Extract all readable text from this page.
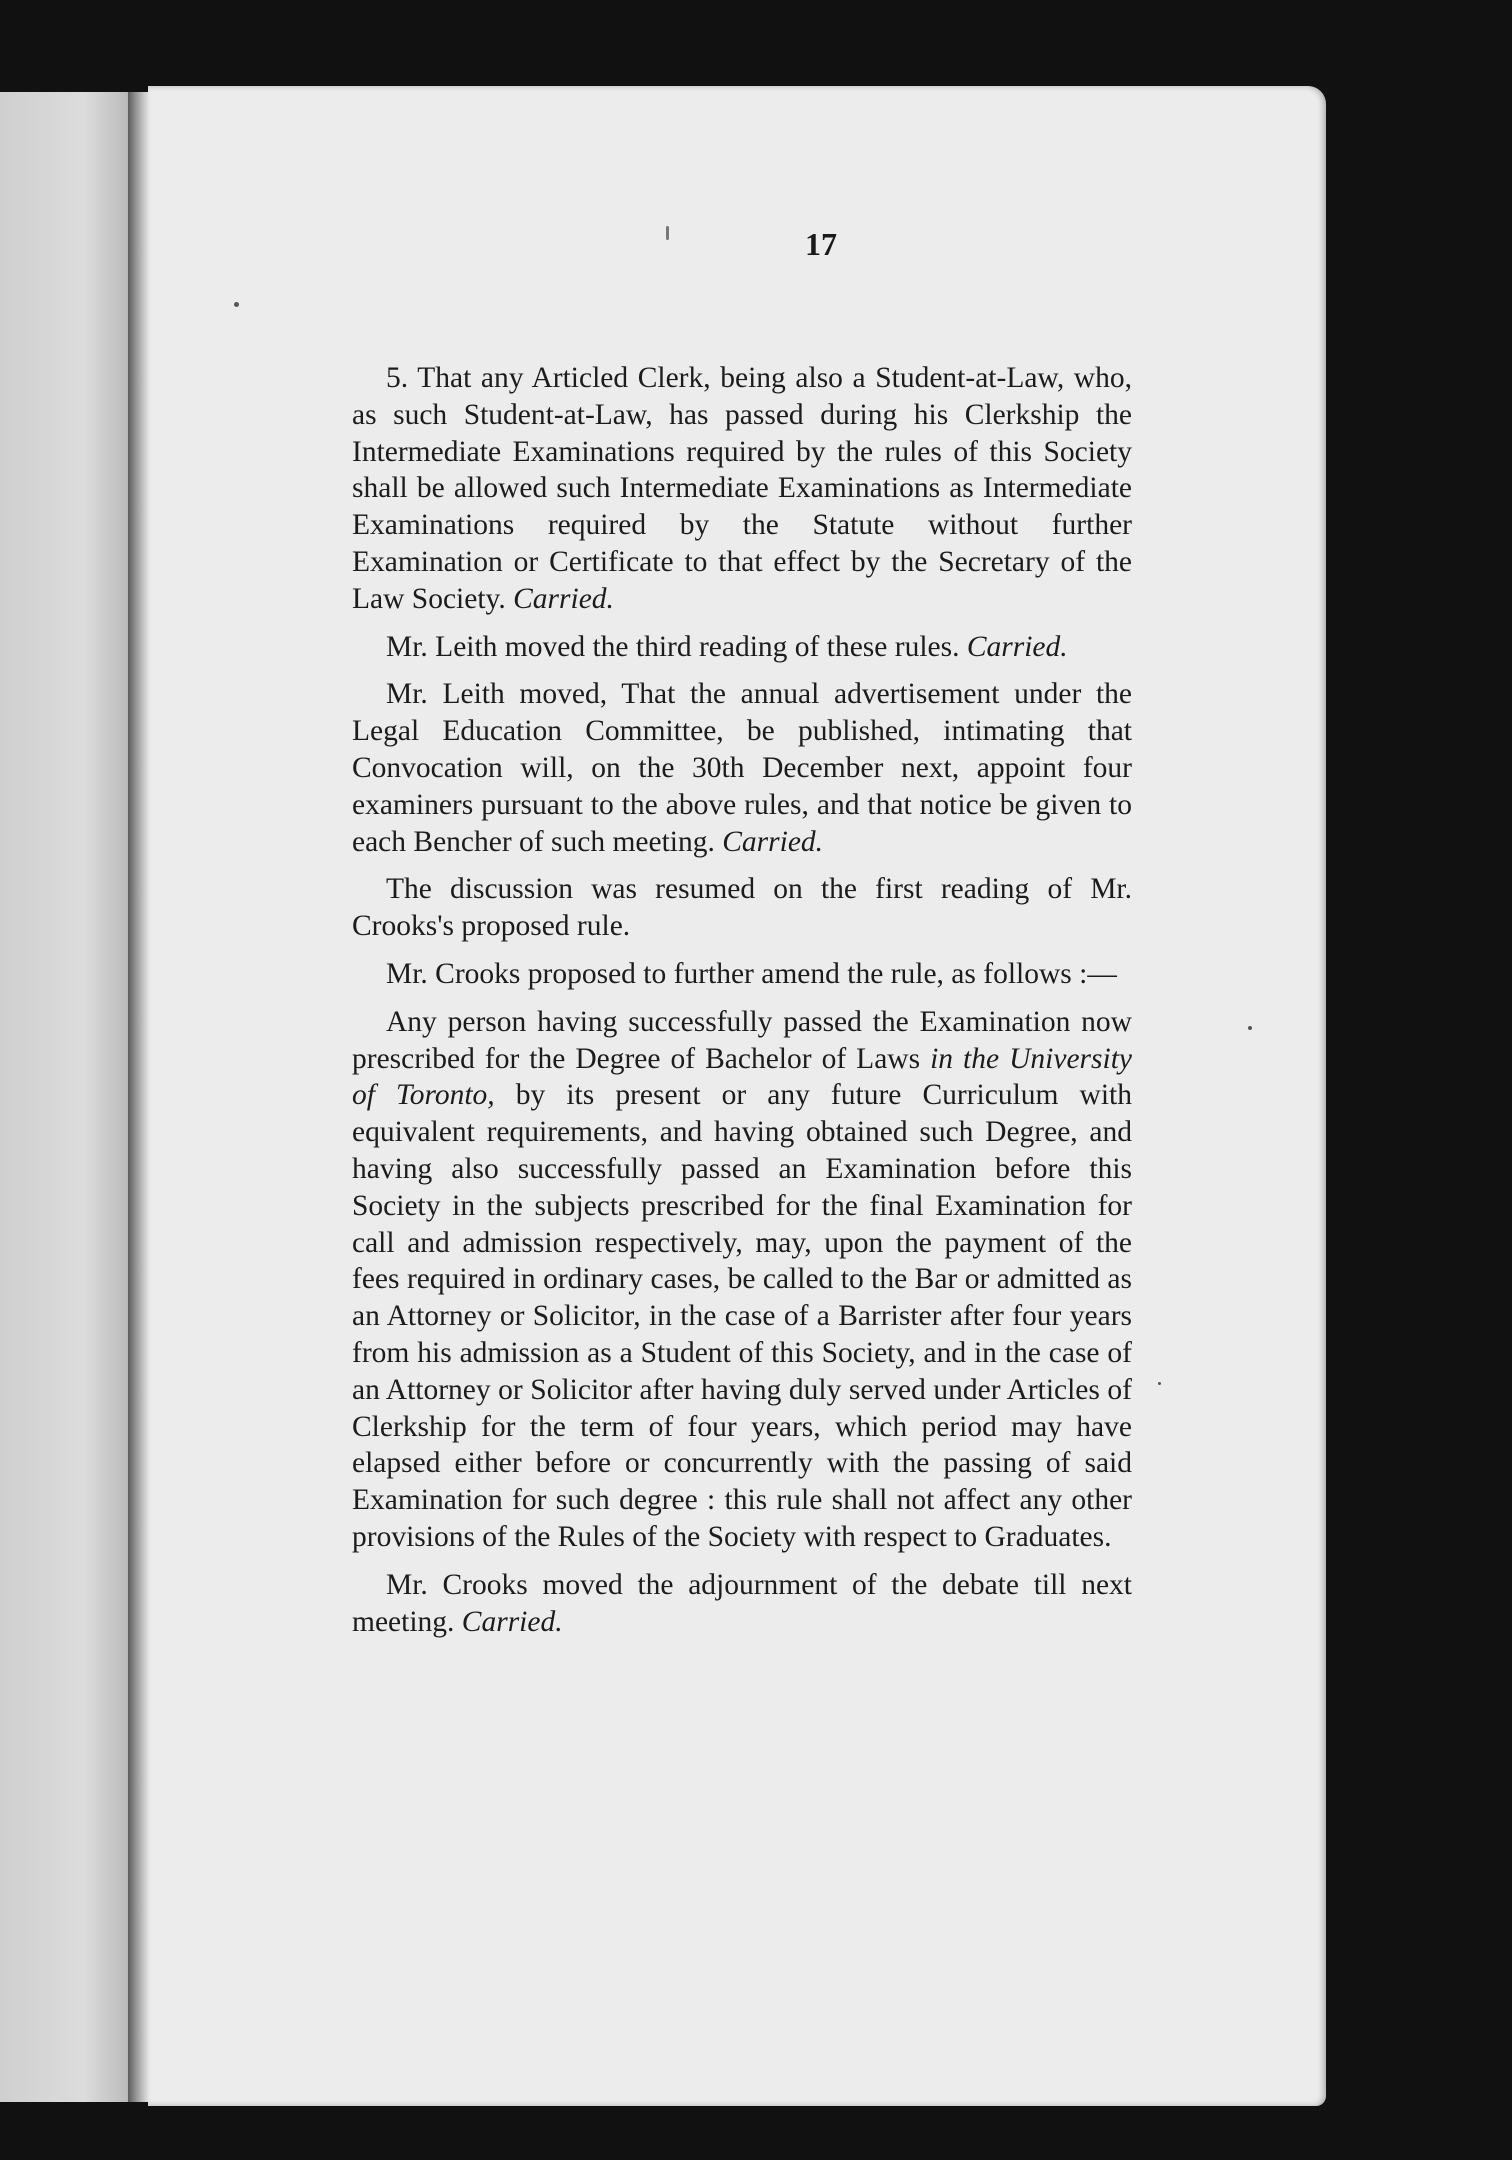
17

5. That any Articled Clerk, being also a Student-at-Law, who, as such Student-at-Law, has passed during his Clerkship the Intermediate Examinations required by the rules of this Society shall be allowed such Intermediate Examinations as Intermediate Examinations required by the Statute without further Examination or Certificate to that effect by the Secretary of the Law Society. Carried.

Mr. Leith moved the third reading of these rules. Carried.

Mr. Leith moved, That the annual advertisement under the Legal Education Committee, be published, intimating that Convocation will, on the 30th December next, appoint four examiners pursuant to the above rules, and that notice be given to each Bencher of such meeting. Carried.

The discussion was resumed on the first reading of Mr. Crooks's proposed rule.

Mr. Crooks proposed to further amend the rule, as follows :—

Any person having successfully passed the Examination now prescribed for the Degree of Bachelor of Laws in the University of Toronto, by its present or any future Curriculum with equivalent requirements, and having obtained such Degree, and having also successfully passed an Examination before this Society in the subjects prescribed for the final Examination for call and admission respectively, may, upon the payment of the fees required in ordinary cases, be called to the Bar or admitted as an Attorney or Solicitor, in the case of a Barrister after four years from his admission as a Student of this Society, and in the case of an Attorney or Solicitor after having duly served under Articles of Clerkship for the term of four years, which period may have elapsed either before or concurrently with the passing of said Examination for such degree : this rule shall not affect any other provisions of the Rules of the Society with respect to Graduates.

Mr. Crooks moved the adjournment of the debate till next meeting. Carried.
